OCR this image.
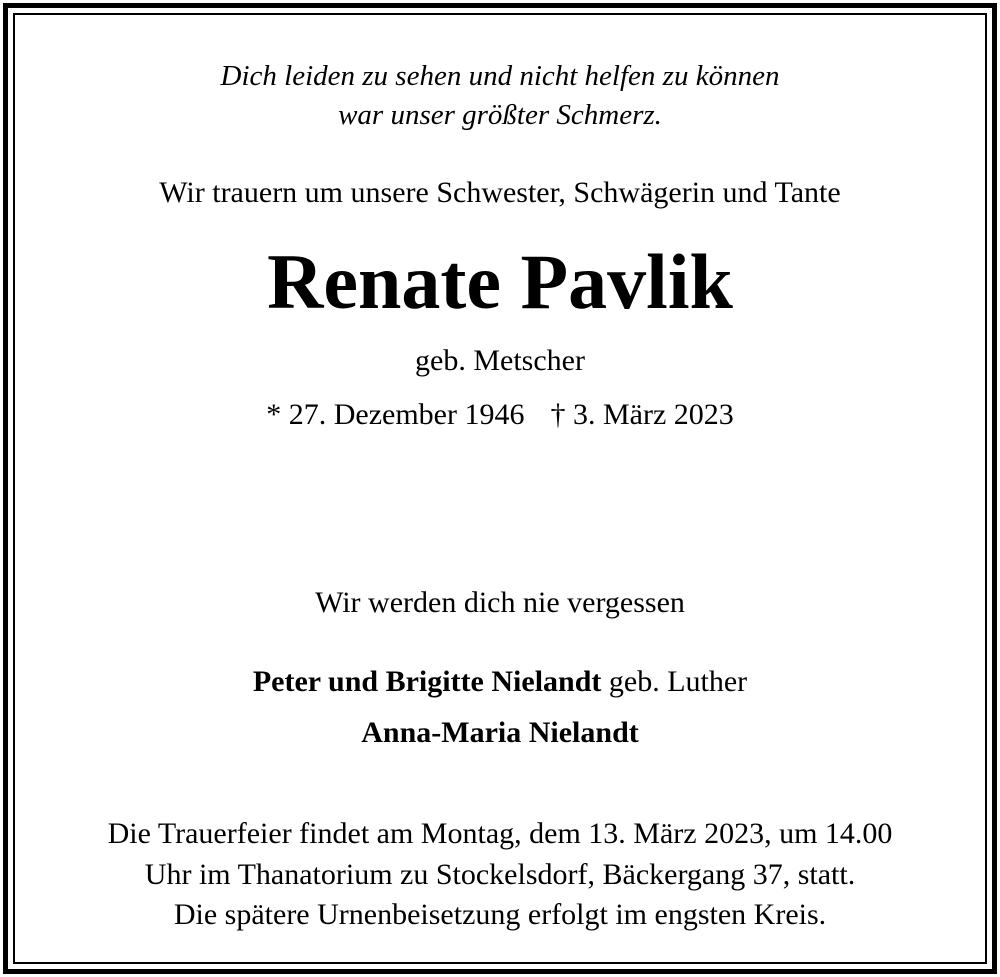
Dich leiden zu sehen und nicht helfen zu können
war unser größter Schmerz.
Wir trauern um unsere Schwester, Schwägerin und Tante
Renate Pavlik
geb. Metscher
* 27. Dezember 1946 † 3. März 2023
Wir werden dich nie vergessen
Peter und Brigitte Nielandt geb. Luther
Anna-Maria Nielandt
Die Trauerfeier findet am Montag, dem 13. März 2023, um 14.00
Uhr im Thanatorium zu Stockelsdorf, Bäckergang 37, statt.
Die spätere Urnenbeisetzung erfolgt im engsten Kreis.
